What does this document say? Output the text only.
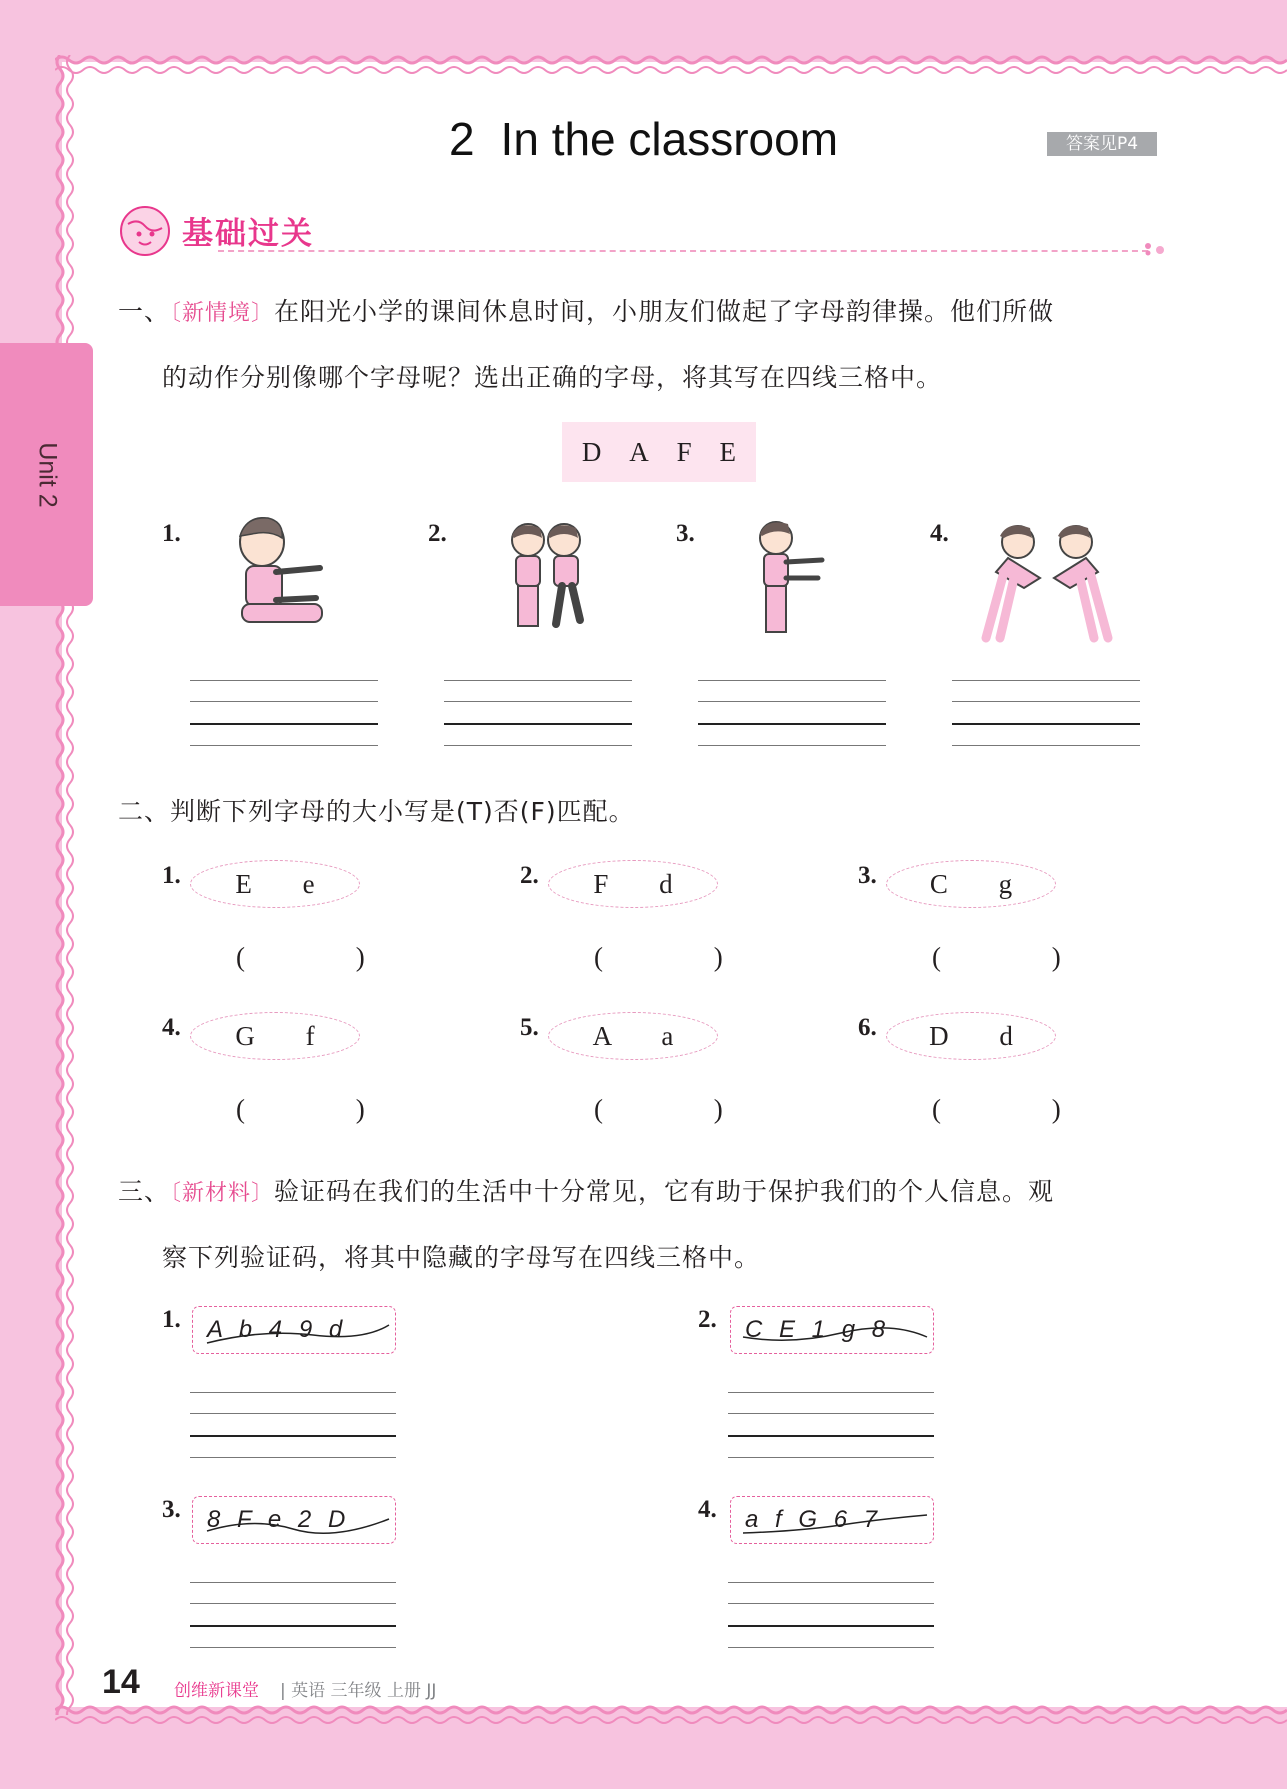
Unit 2
2 In the classroom	答案见P4
基础过关
一、〔新情境〕在阳光小学的课间休息时间，小朋友们做起了字母韵律操。他们所做
的动作分别像哪个字母呢？选出正确的字母，将其写在四线三格中。
D A F E
1.	2.	3.	4.
二、判断下列字母的大小写是(T)否(F)匹配。
1.	E e
( )
2.	F d
( )
3.	C g
( )
4.	G f
( )
5.	A a
( )
6.	D d
( )
三、〔新材料〕验证码在我们的生活中十分常见，它有助于保护我们的个人信息。观
察下列验证码，将其中隐藏的字母写在四线三格中。
1.	A b 4 9 d	2.	C E 1 g 8
3.	8 F e 2 D	4.	a f G 6 7
14 创维新课堂 | 英语 三年级 上册 JJ
